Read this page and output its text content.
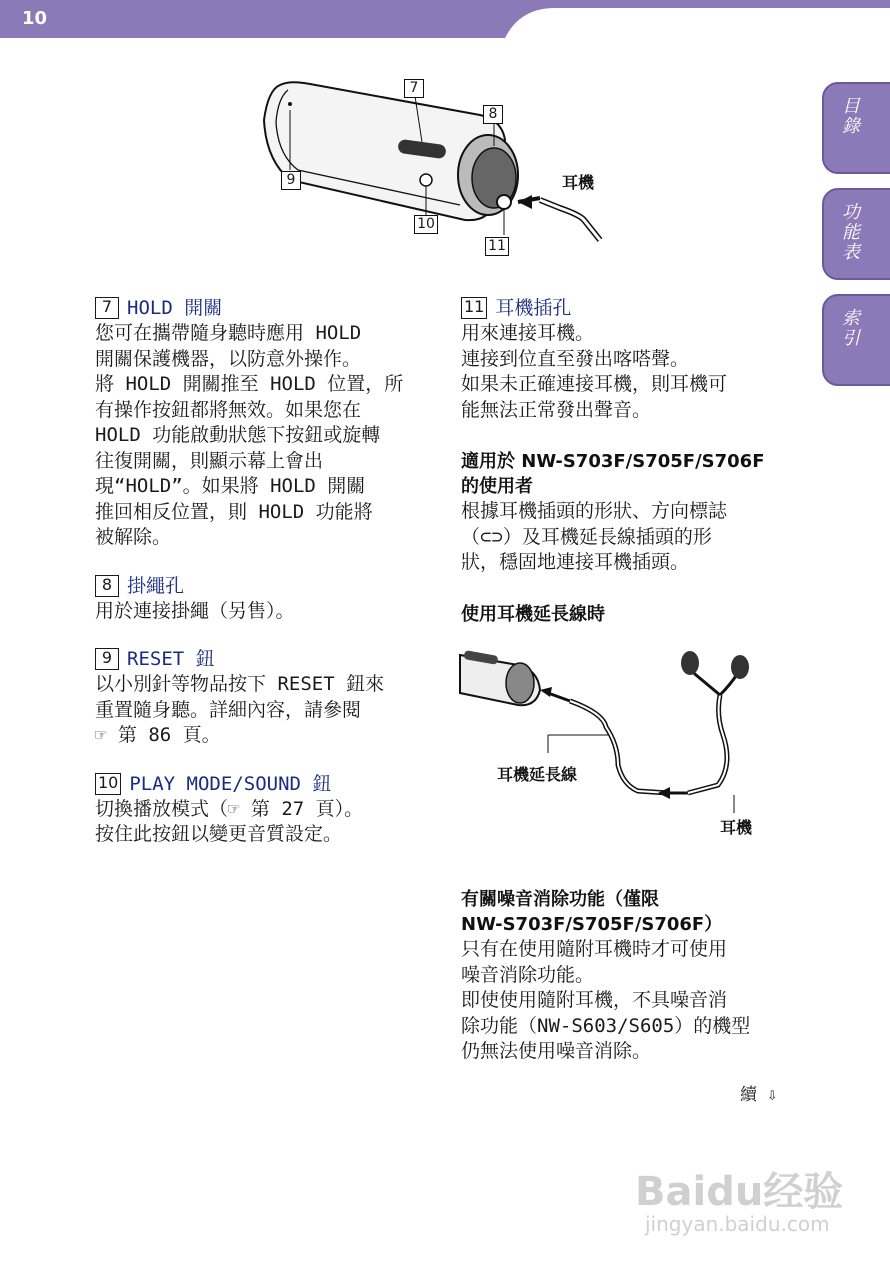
10
目錄
功能表
索引
7
8
9
10
11
耳機
7 HOLD 開關

您可在攜帶隨身聽時應用 HOLD
開關保護機器，以防意外操作。
將 HOLD 開關推至 HOLD 位置，所
有操作按鈕都將無效。如果您在
HOLD 功能啟動狀態下按鈕或旋轉
往復開關，則顯示幕上會出
現“HOLD”。如果將 HOLD 開關
推回相反位置，則 HOLD 功能將
被解除。

8 掛繩孔

用於連接掛繩（另售）。

9 RESET 鈕

以小別針等物品按下 RESET 鈕來
重置隨身聽。詳細內容，請參閱
☞ 第 86 頁。

10 PLAY MODE/SOUND 鈕

切換播放模式（☞ 第 27 頁）。
按住此按鈕以變更音質設定。

11 耳機插孔

用來連接耳機。
連接到位直至發出喀嗒聲。
如果未正確連接耳機，則耳機可
能無法正常發出聲音。

適用於 NW-S703F/S705F/S706F
的使用者

根據耳機插頭的形狀、方向標誌
（⊂⊃）及耳機延長線插頭的形
狀，穩固地連接耳機插頭。

使用耳機延長線時

耳機延長線
耳機

有關噪音消除功能（僅限
NW-S703F/S705F/S706F）

只有在使用隨附耳機時才可使用
噪音消除功能。
即使使用隨附耳機，不具噪音消
除功能（NW-S603/S605）的機型
仍無法使用噪音消除。

續 ⇩
Baidu经验
jingyan.baidu.com
